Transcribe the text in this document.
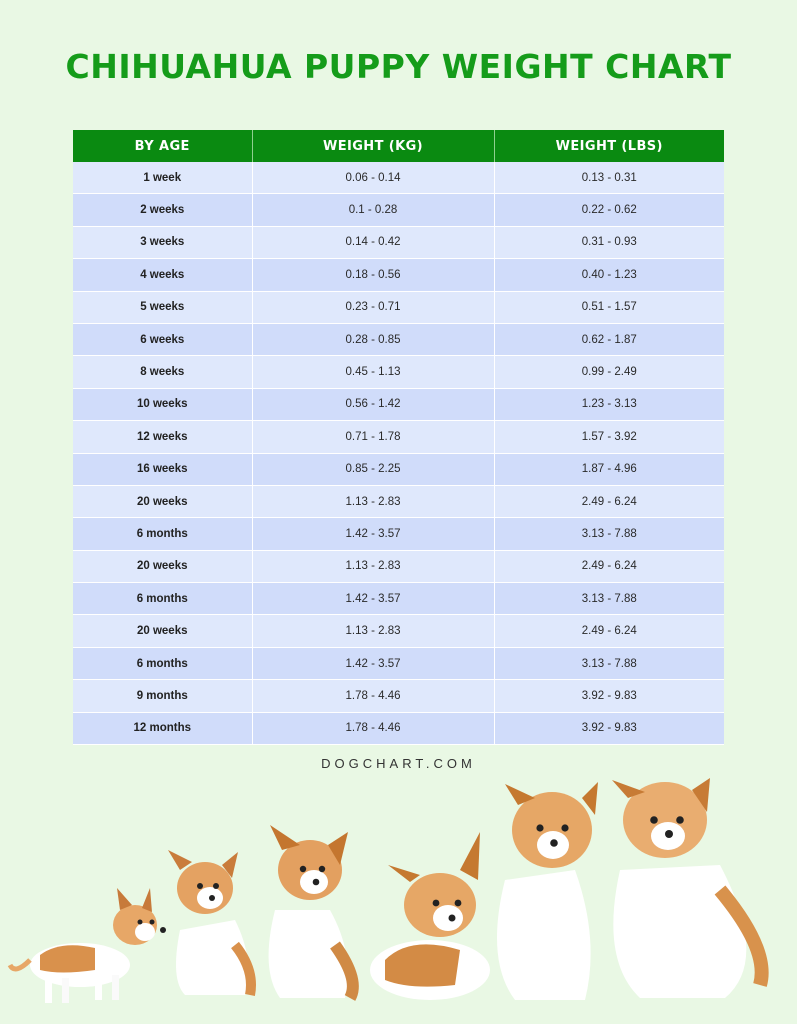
CHIHUAHUA PUPPY WEIGHT CHART
BY AGE	WEIGHT (KG)	WEIGHT (LBS)
1 week	0.06 - 0.14	0.13 - 0.31
2 weeks	0.1 - 0.28	0.22 - 0.62
3 weeks	0.14 - 0.42	0.31 - 0.93
4 weeks	0.18 - 0.56	0.40 - 1.23
5 weeks	0.23 - 0.71	0.51 - 1.57
6 weeks	0.28 - 0.85	0.62 - 1.87
8 weeks	0.45 - 1.13	0.99 - 2.49
10 weeks	0.56 - 1.42	1.23 - 3.13
12 weeks	0.71 - 1.78	1.57 - 3.92
16 weeks	0.85 - 2.25	1.87 - 4.96
20 weeks	1.13 - 2.83	2.49 - 6.24
6 months	1.42 - 3.57	3.13 - 7.88
20 weeks	1.13 - 2.83	2.49 - 6.24
6 months	1.42 - 3.57	3.13 - 7.88
20 weeks	1.13 - 2.83	2.49 - 6.24
6 months	1.42 - 3.57	3.13 - 7.88
9 months	1.78 - 4.46	3.92 - 9.83
12 months	1.78 - 4.46	3.92 - 9.83
DOGCHART.COM
